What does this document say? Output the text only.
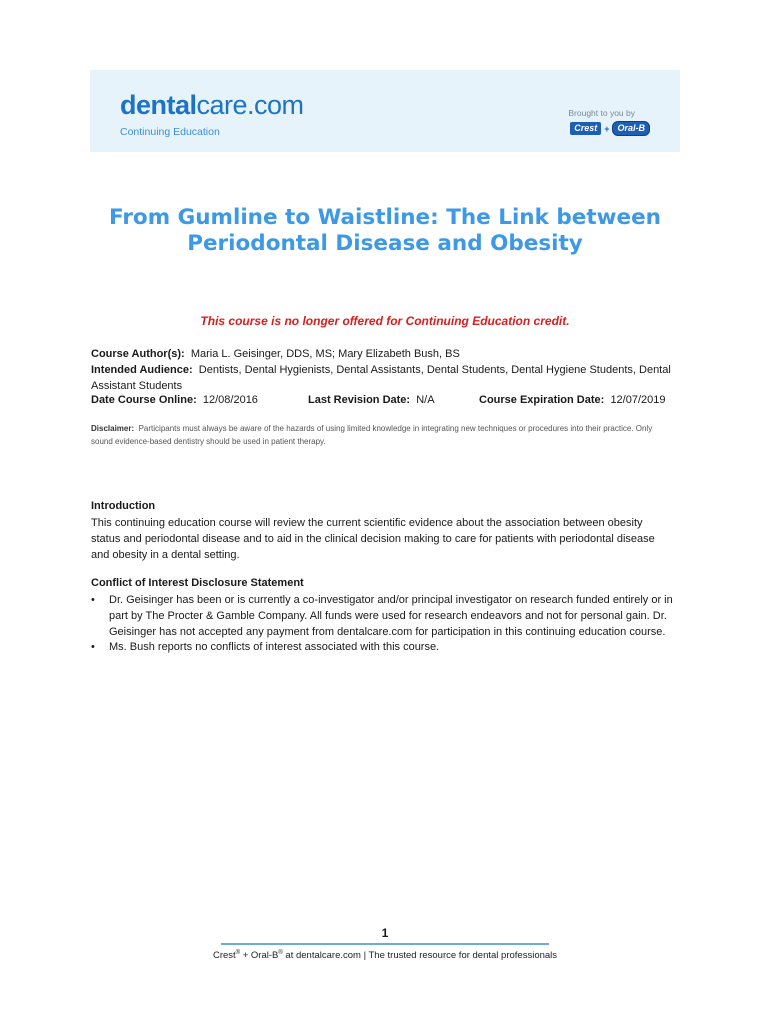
dentalcare.com
Continuing Education
Brought to you by
Crest + Oral-B
From Gumline to Waistline: The Link between
Periodontal Disease and Obesity
This course is no longer offered for Continuing Education credit.
Course Author(s): Maria L. Geisinger, DDS, MS; Mary Elizabeth Bush, BS
Intended Audience: Dentists, Dental Hygienists, Dental Assistants, Dental Students, Dental Hygiene Students, Dental Assistant Students
Date Course Online: 12/08/2016	Last Revision Date: N/A	Course Expiration Date: 12/07/2019
Disclaimer: Participants must always be aware of the hazards of using limited knowledge in integrating new techniques or procedures into their practice. Only sound evidence-based dentistry should be used in patient therapy.
Introduction
This continuing education course will review the current scientific evidence about the association between obesity status and periodontal disease and to aid in the clinical decision making to care for patients with periodontal disease and obesity in a dental setting.
Conflict of Interest Disclosure Statement
• Dr. Geisinger has been or is currently a co-investigator and/or principal investigator on research funded entirely or in part by The Procter & Gamble Company. All funds were used for research endeavors and not for personal gain. Dr. Geisinger has not accepted any payment from dentalcare.com for participation in this continuing education course.
• Ms. Bush reports no conflicts of interest associated with this course.
1
Crest® + Oral-B® at dentalcare.com | The trusted resource for dental professionals
